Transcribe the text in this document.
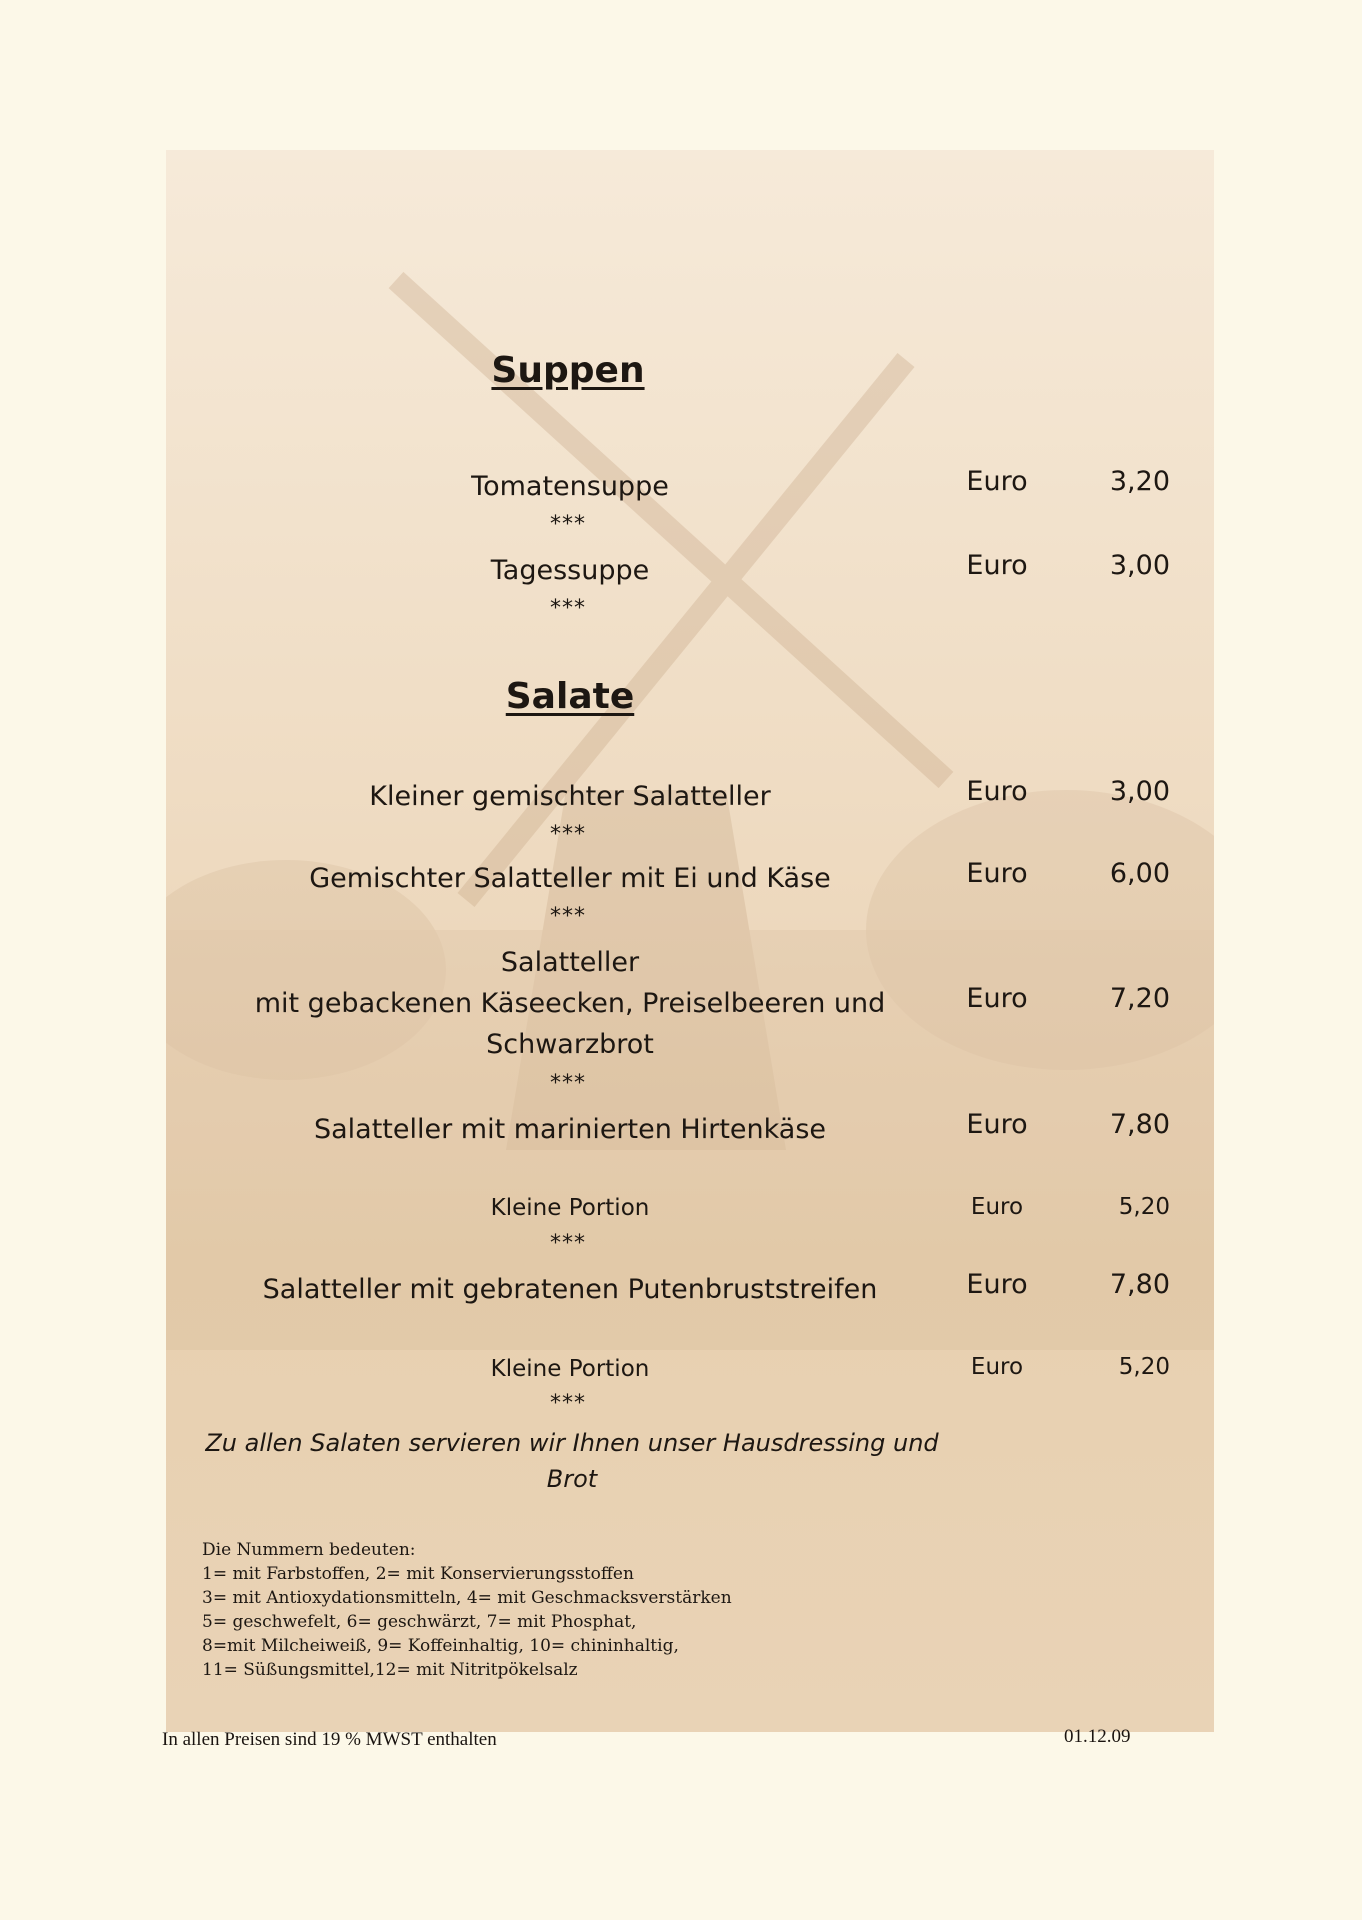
Suppen
Tomatensuppe	Euro	3,20
***
Tagessuppe	Euro	3,00
***
Salate
Kleiner gemischter Salatteller	Euro	3,00
***
Gemischter Salatteller mit Ei und Käse	Euro	6,00
***
Salatteller
mit gebackenen Käseecken, Preiselbeeren und
Schwarzbrot
Euro	7,20
***
Salatteller mit marinierten Hirtenkäse	Euro	7,80
Kleine Portion	Euro	5,20
***
Salatteller mit gebratenen Putenbruststreifen	Euro	7,80
Kleine Portion	Euro	5,20
***
Zu allen Salaten servieren wir Ihnen unser Hausdressing und
Brot
Die Nummern bedeuten:
1= mit Farbstoffen, 2= mit Konservierungsstoffen
3= mit Antioxydationsmitteln, 4= mit Geschmacksverstärken
5= geschwefelt, 6= geschwärzt, 7= mit Phosphat,
8=mit Milcheiweiß, 9= Koffeinhaltig, 10= chininhaltig,
11= Süßungsmittel,12= mit Nitritpökelsalz
In allen Preisen sind 19 % MWST enthalten	01.12.09
